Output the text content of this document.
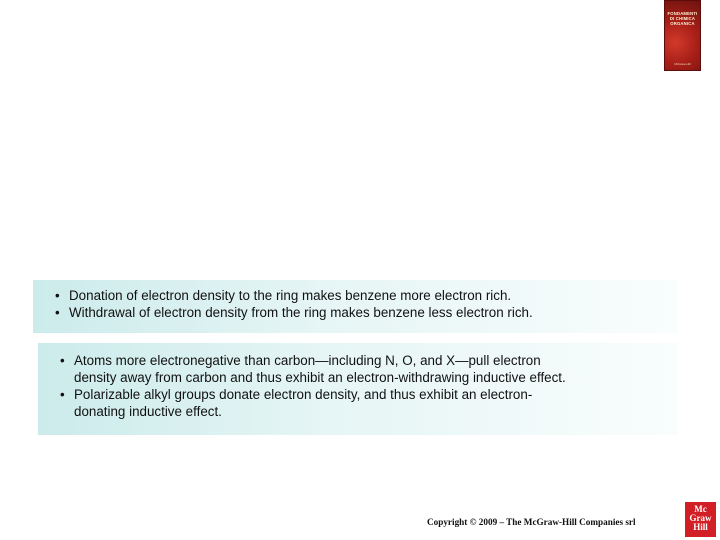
FONDAMENTI DI CHIMICA ORGANICA
McGraw-Hill
• Donation of electron density to the ring makes benzene more electron rich.
• Withdrawal of electron density from the ring makes benzene less electron rich.
• Atoms more electronegative than carbon—including N, O, and X—pull electron
density away from carbon and thus exhibit an electron-withdrawing inductive effect.
• Polarizable alkyl groups donate electron density, and thus exhibit an electron-
donating inductive effect.
Copyright © 2009 – The McGraw-Hill Companies srl
Mc
Graw
Hill
